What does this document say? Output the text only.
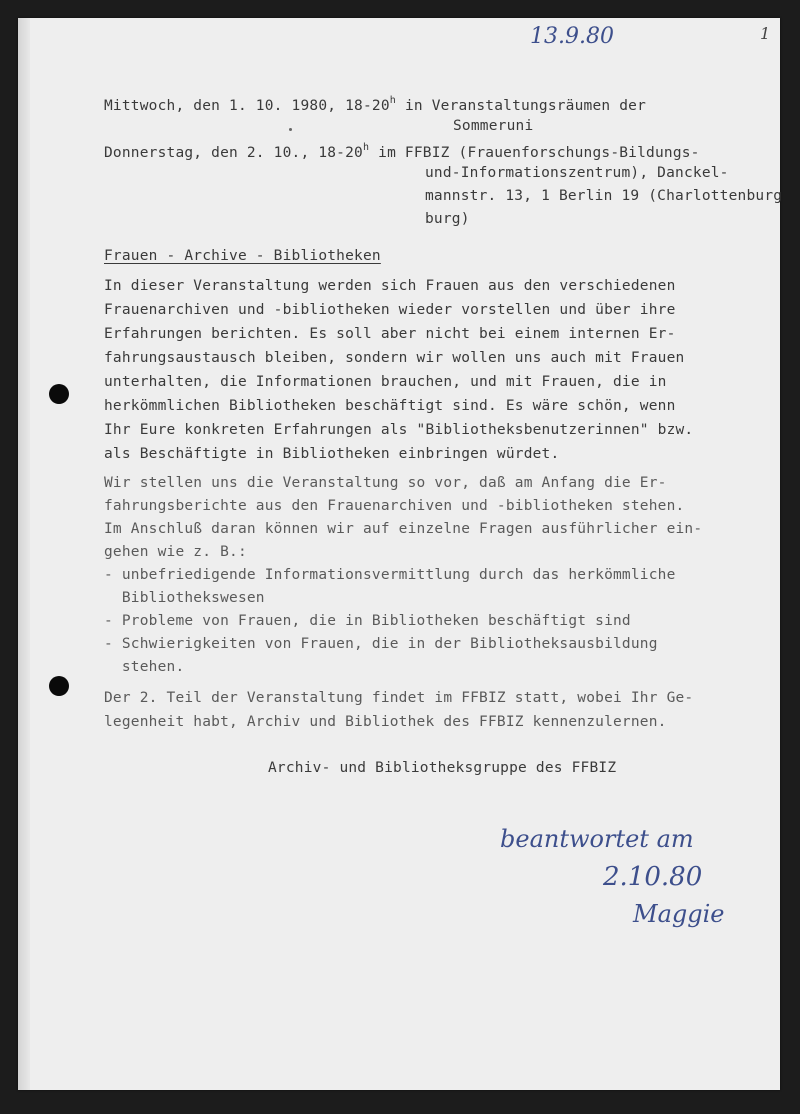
13.9.80	1
Mittwoch, den 1. 10. 1980, 18-20$^h$ in Veranstaltungsräumen der
Sommeruni
Donnerstag, den 2. 10., 18-20$^h$ im FFBIZ (Frauenforschungs-Bildungs-
und-Informationszentrum), Danckel-
mannstr. 13, 1 Berlin 19 (Charlottenburg
burg)
Frauen - Archive - Bibliotheken
In dieser Veranstaltung werden sich Frauen aus den verschiedenen
Frauenarchiven und -bibliotheken wieder vorstellen und über ihre
Erfahrungen berichten. Es soll aber nicht bei einem internen Er-
fahrungsaustausch bleiben, sondern wir wollen uns auch mit Frauen
unterhalten, die Informationen brauchen, und mit Frauen, die in
herkömmlichen Bibliotheken beschäftigt sind. Es wäre schön, wenn
Ihr Eure konkreten Erfahrungen als "Bibliotheksbenutzerinnen" bzw.
als Beschäftigte in Bibliotheken einbringen würdet.
Wir stellen uns die Veranstaltung so vor, daß am Anfang die Er-
fahrungsberichte aus den Frauenarchiven und -bibliotheken stehen.
Im Anschluß daran können wir auf einzelne Fragen ausführlicher ein-
gehen wie z. B.:
- unbefriedigende Informationsvermittlung durch das herkömmliche
Bibliothekswesen
- Probleme von Frauen, die in Bibliotheken beschäftigt sind
- Schwierigkeiten von Frauen, die in der Bibliotheksausbildung
stehen.
Der 2. Teil der Veranstaltung findet im FFBIZ statt, wobei Ihr Ge-
legenheit habt, Archiv und Bibliothek des FFBIZ kennenzulernen.
Archiv- und Bibliotheksgruppe des FFBIZ
beantwortet am
2.10.80
Maggie
